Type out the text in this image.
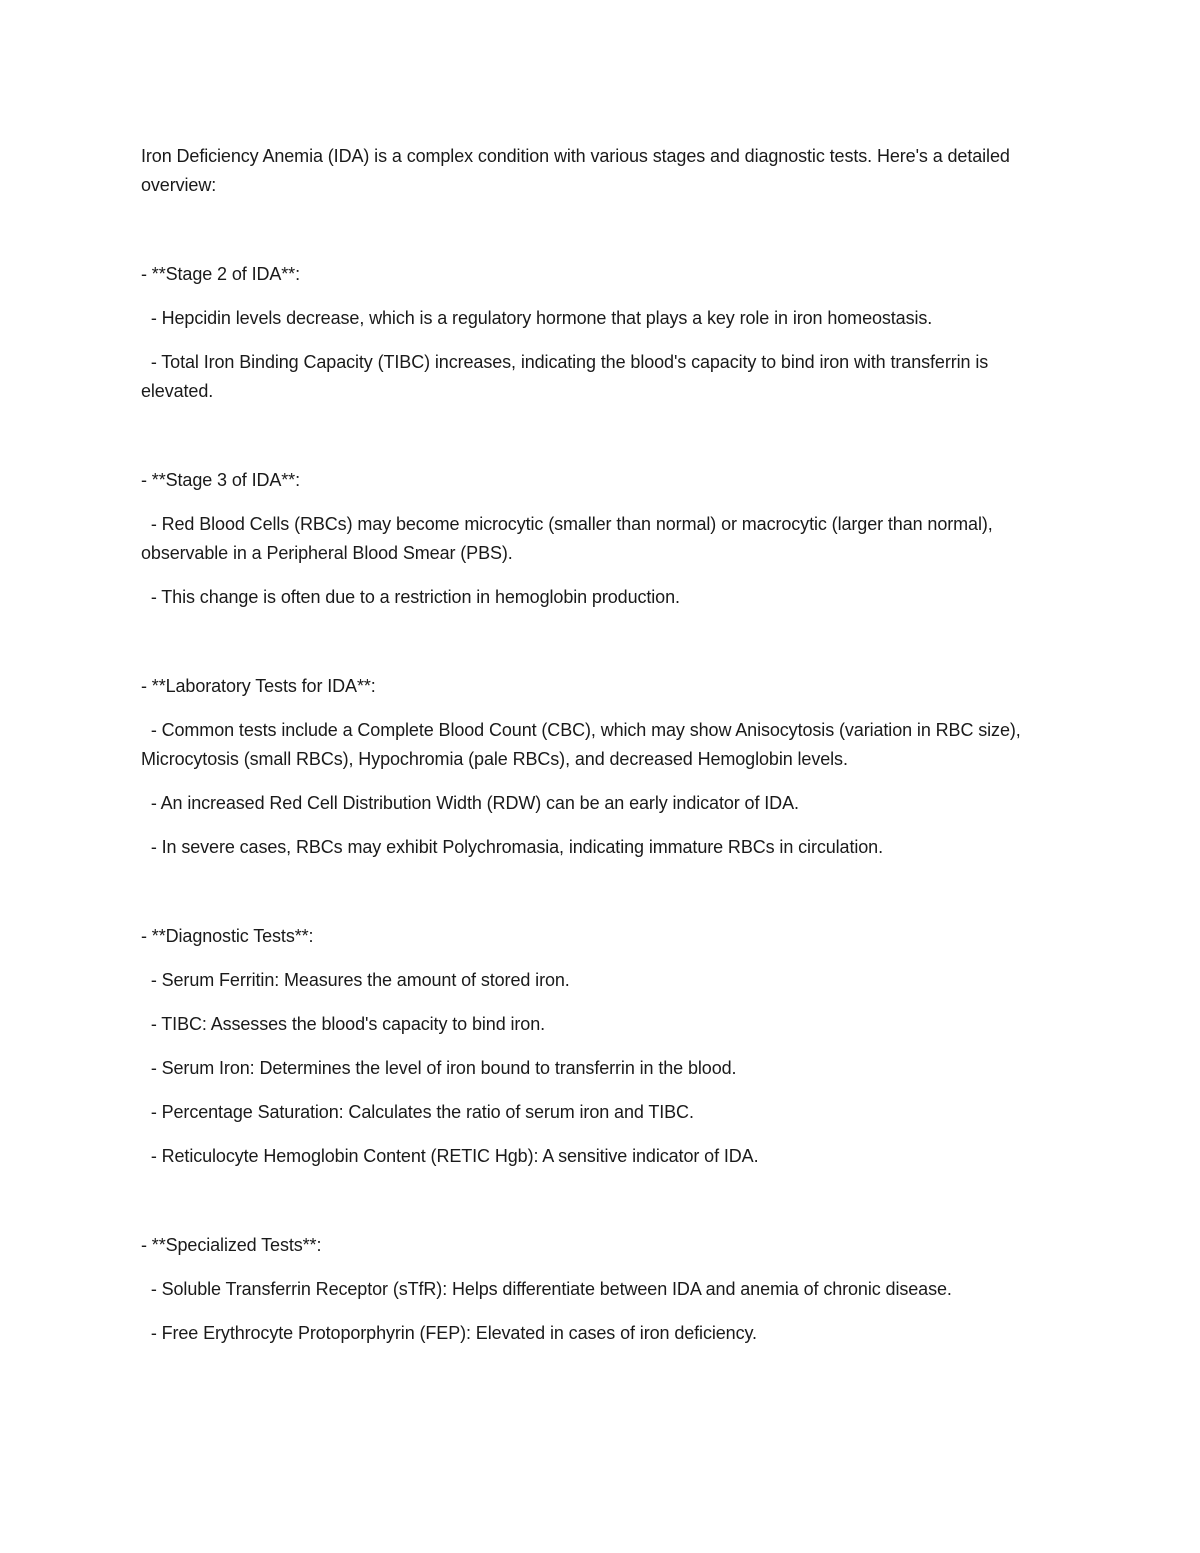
Iron Deficiency Anemia (IDA) is a complex condition with various stages and diagnostic tests. Here's a detailed overview:

- **Stage 2 of IDA**:

- Hepcidin levels decrease, which is a regulatory hormone that plays a key role in iron homeostasis.

- Total Iron Binding Capacity (TIBC) increases, indicating the blood's capacity to bind iron with transferrin is elevated.

- **Stage 3 of IDA**:

- Red Blood Cells (RBCs) may become microcytic (smaller than normal) or macrocytic (larger than normal), observable in a Peripheral Blood Smear (PBS).

- This change is often due to a restriction in hemoglobin production.

- **Laboratory Tests for IDA**:

- Common tests include a Complete Blood Count (CBC), which may show Anisocytosis (variation in RBC size), Microcytosis (small RBCs), Hypochromia (pale RBCs), and decreased Hemoglobin levels.

- An increased Red Cell Distribution Width (RDW) can be an early indicator of IDA.

- In severe cases, RBCs may exhibit Polychromasia, indicating immature RBCs in circulation.

- **Diagnostic Tests**:

- Serum Ferritin: Measures the amount of stored iron.

- TIBC: Assesses the blood's capacity to bind iron.

- Serum Iron: Determines the level of iron bound to transferrin in the blood.

- Percentage Saturation: Calculates the ratio of serum iron and TIBC.

- Reticulocyte Hemoglobin Content (RETIC Hgb): A sensitive indicator of IDA.

- **Specialized Tests**:

- Soluble Transferrin Receptor (sTfR): Helps differentiate between IDA and anemia of chronic disease.

- Free Erythrocyte Protoporphyrin (FEP): Elevated in cases of iron deficiency.
